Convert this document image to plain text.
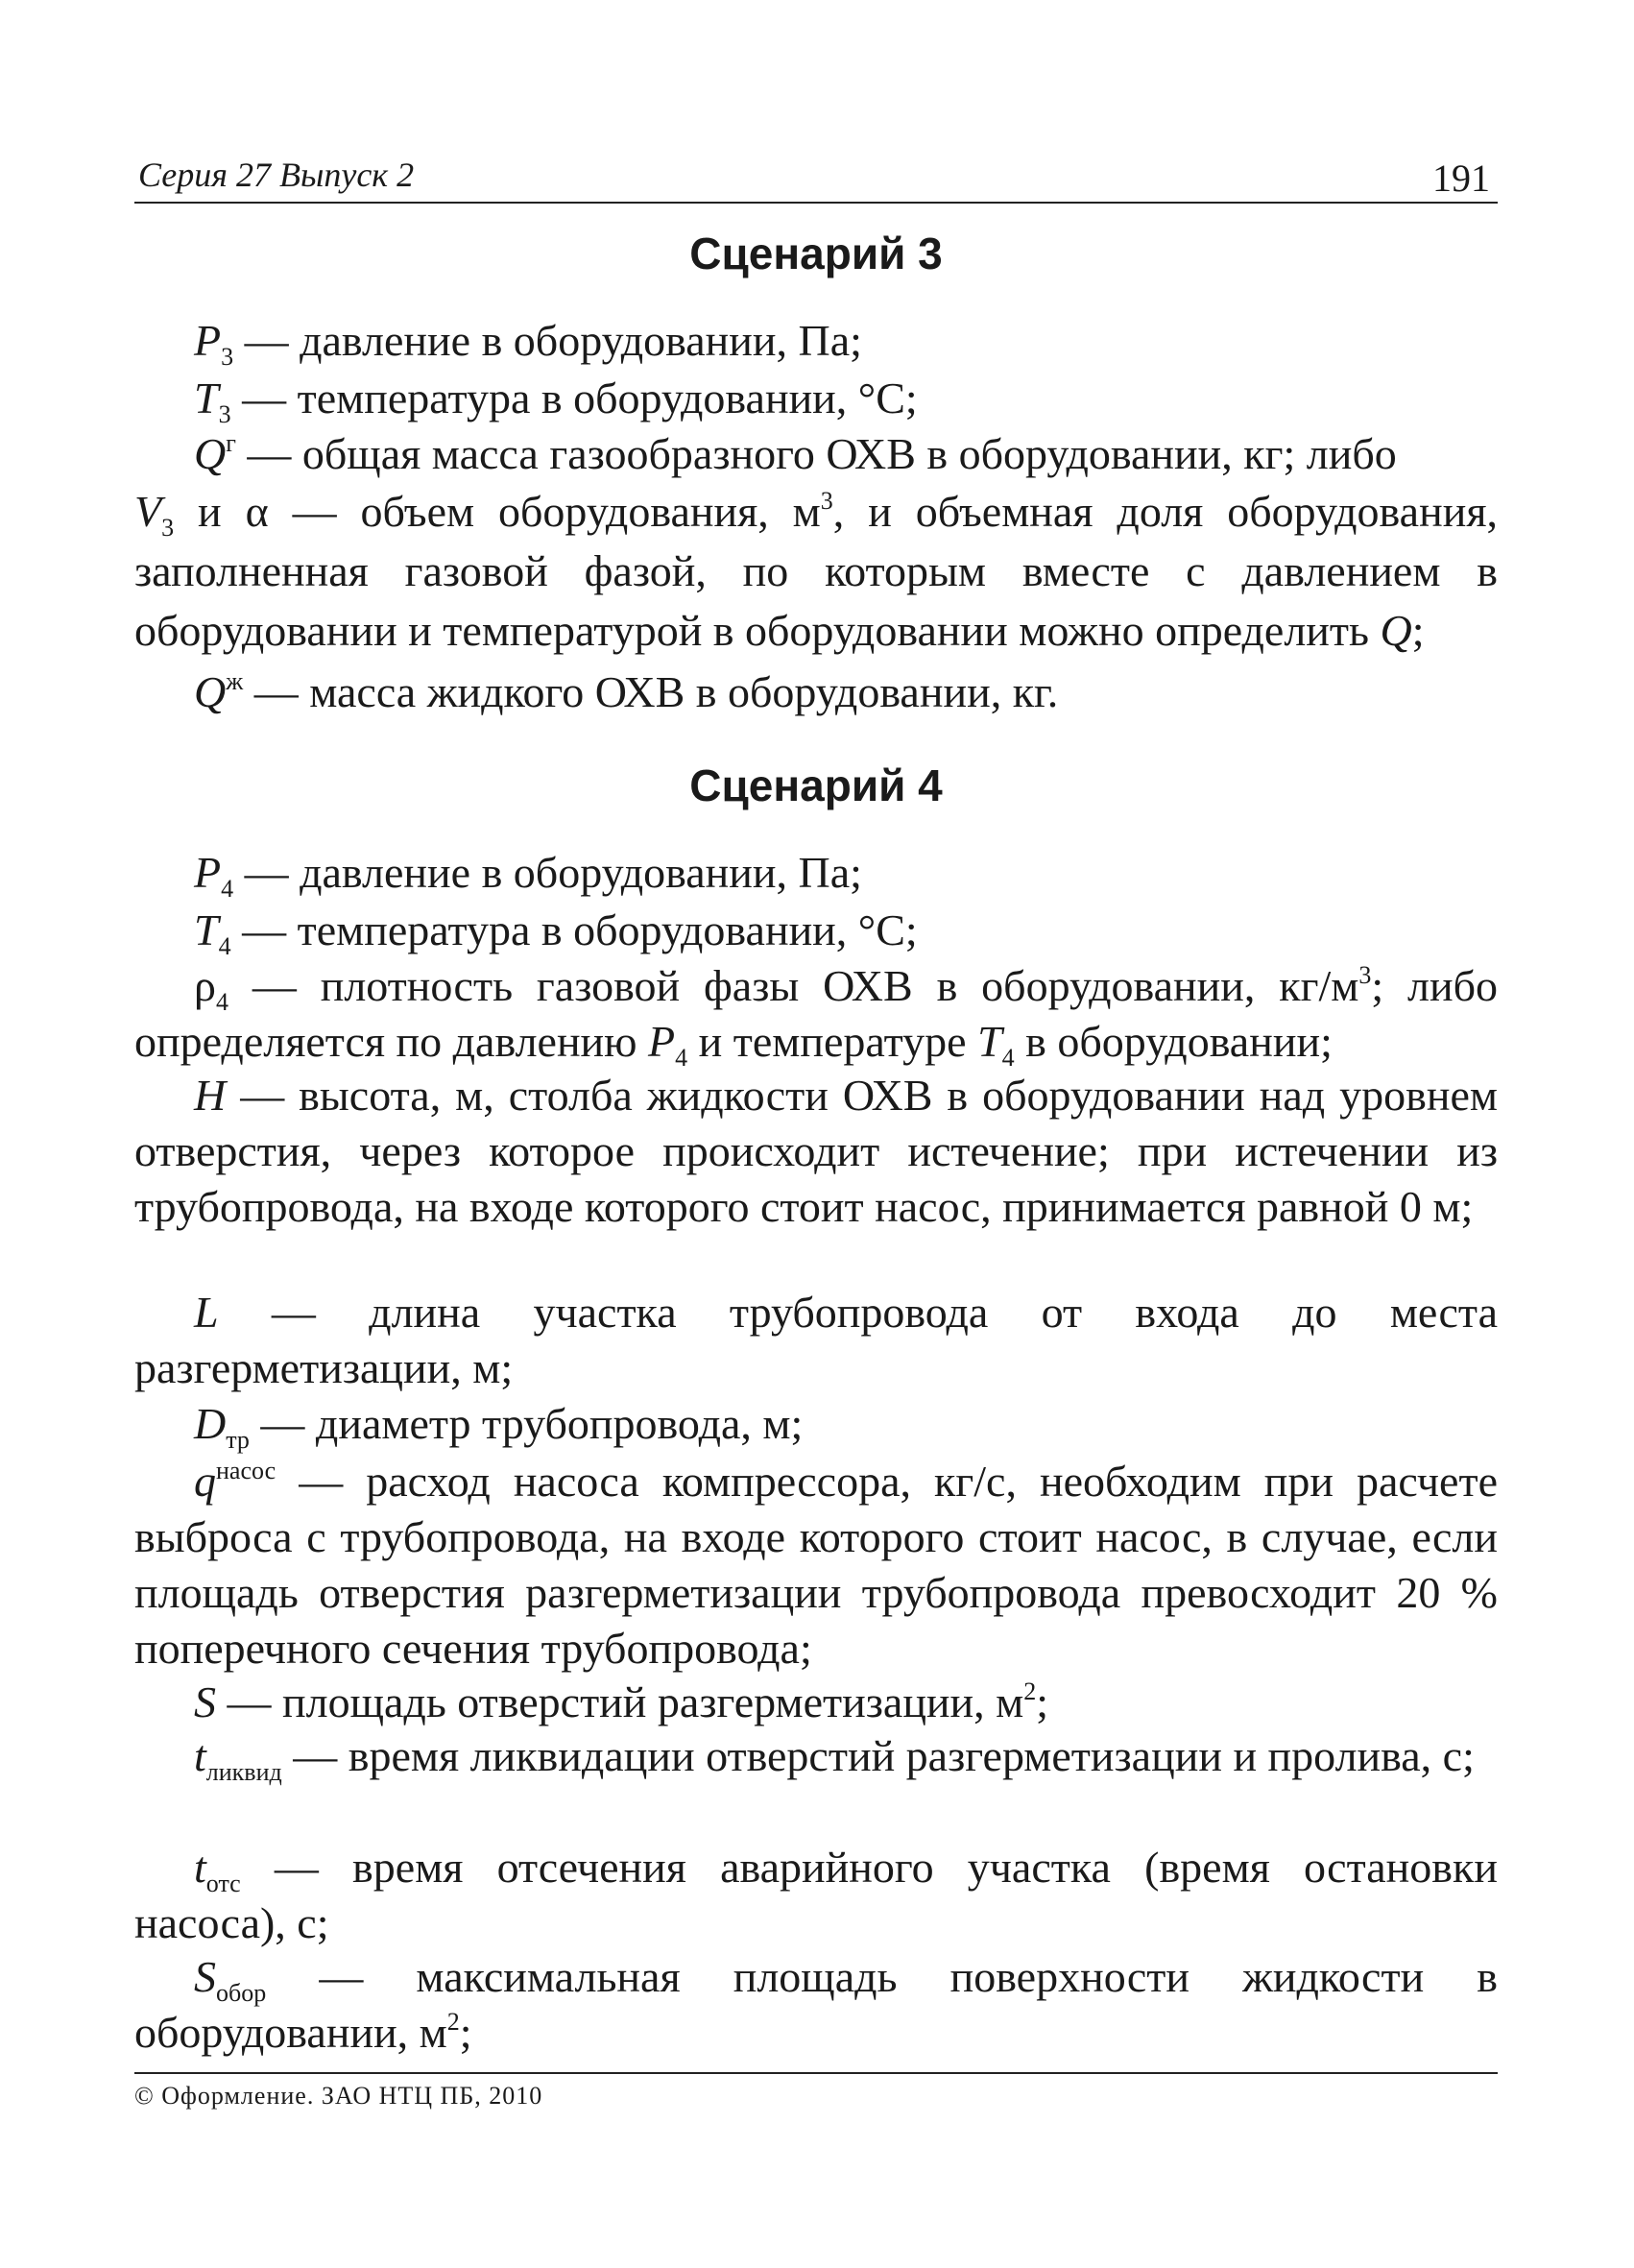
Серия 27 Выпуск 2	191
Сценарий 3
$P_3$ — давление в оборудовании, Па;
$T_3$ — температура в оборудовании, °С;
$Q^г$ — общая масса газообразного ОХВ в оборудовании, кг; либо
$V_3$ и α — объем оборудования, $м^3$, и объемная доля оборудования, заполненная газовой фазой, по которым вместе с давлением в оборудовании и температурой в оборудовании можно определить Q;
$Q^ж$ — масса жидкого ОХВ в оборудовании, кг.
Сценарий 4
$P_4$ — давление в оборудовании, Па;
$T_4$ — температура в оборудовании, °С;
$\rho_4$ — плотность газовой фазы ОХВ в оборудовании, $кг/м^3$; либо определяется по давлению $P_4$ и температуре $T_4$ в оборудовании;
H — высота, м, столба жидкости ОХВ в оборудовании над уровнем отверстия, через которое происходит истечение; при истечении из трубопровода, на входе которого стоит насос, принимается равной 0 м;
L — длина участка трубопровода от входа до места разгерметизации, м;
$D_{тр}$ — диаметр трубопровода, м;
$q^{насос}$ — расход насоса компрессора, кг/с, необходим при расчете выброса с трубопровода, на входе которого стоит насос, в случае, если площадь отверстия разгерметизации трубопровода превосходит 20 % поперечного сечения трубопровода;
S — площадь отверстий разгерметизации, $м^2$;
$t_{ликвид}$ — время ликвидации отверстий разгерметизации и пролива, с;
$t_{отс}$ — время отсечения аварийного участка (время остановки насоса), с;
$S_{обор}$ — максимальная площадь поверхности жидкости в оборудовании, $м^2$;
© Оформление. ЗАО НТЦ ПБ, 2010
